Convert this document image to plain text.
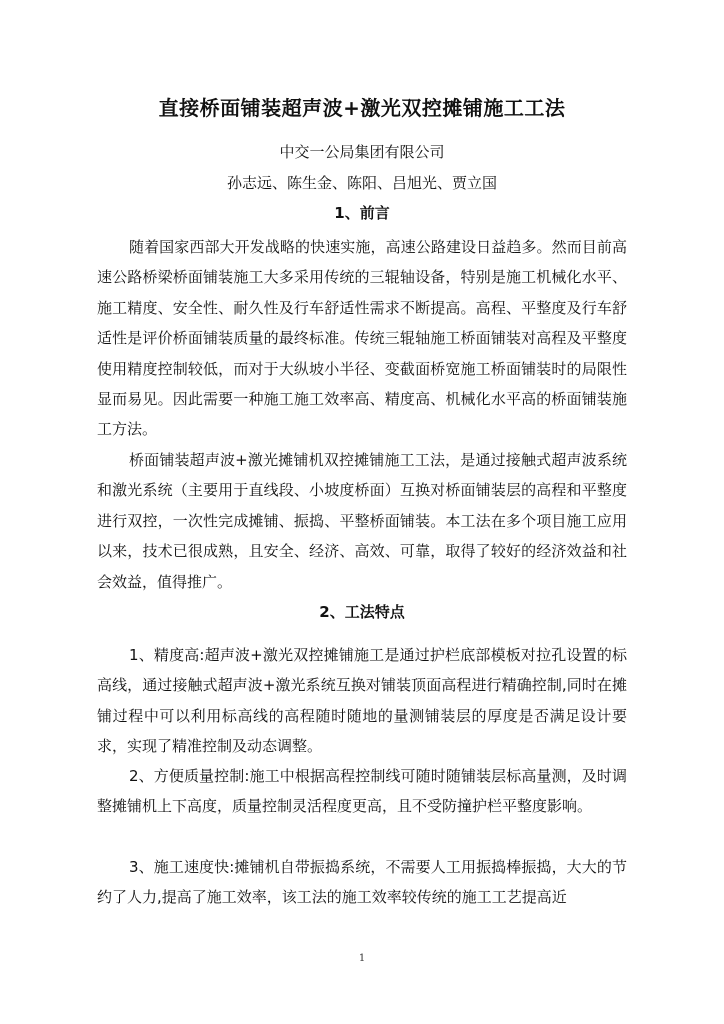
直接桥面铺装超声波+激光双控摊铺施工工法
中交一公局集团有限公司
孙志远、陈生金、陈阳、吕旭光、贾立国
1、前言

随着国家西部大开发战略的快速实施，高速公路建设日益趋多。然而目前高速公路桥梁桥面铺装施工大多采用传统的三辊轴设备，特别是施工机械化水平、施工精度、安全性、耐久性及行车舒适性需求不断提高。高程、平整度及行车舒适性是评价桥面铺装质量的最终标准。传统三辊轴施工桥面铺装对高程及平整度使用精度控制较低，而对于大纵坡小半径、变截面桥宽施工桥面铺装时的局限性显而易见。因此需要一种施工施工效率高、精度高、机械化水平高的桥面铺装施工方法。

桥面铺装超声波+激光摊铺机双控摊铺施工工法，是通过接触式超声波系统和激光系统（主要用于直线段、小坡度桥面）互换对桥面铺装层的高程和平整度进行双控，一次性完成摊铺、振捣、平整桥面铺装。本工法在多个项目施工应用以来，技术已很成熟，且安全、经济、高效、可靠，取得了较好的经济效益和社会效益，值得推广。

2、工法特点

1、精度高:超声波+激光双控摊铺施工是通过护栏底部模板对拉孔设置的标高线，通过接触式超声波+激光系统互换对铺装顶面高程进行精确控制,同时在摊铺过程中可以利用标高线的高程随时随地的量测铺装层的厚度是否满足设计要求，实现了精准控制及动态调整。

2、方便质量控制:施工中根据高程控制线可随时随铺装层标高量测，及时调整摊铺机上下高度，质量控制灵活程度更高，且不受防撞护栏平整度影响。

3、施工速度快:摊铺机自带振捣系统，不需要人工用振捣棒振捣，大大的节约了人力,提高了施工效率，该工法的施工效率较传统的施工工艺提高近

1
